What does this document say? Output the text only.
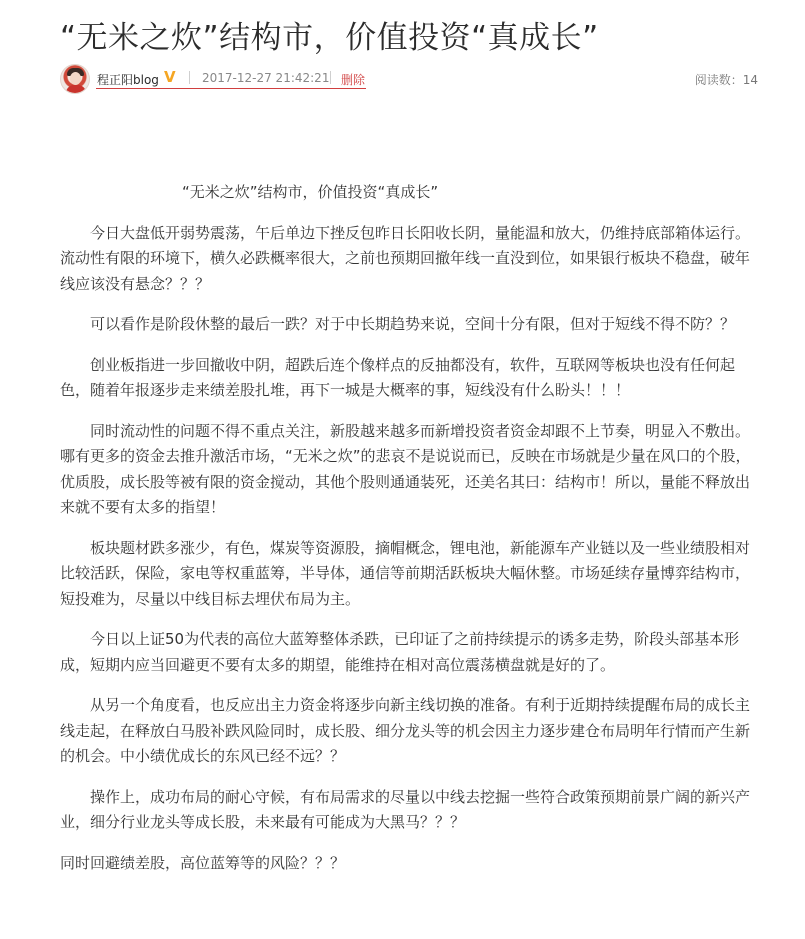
“无米之炊”结构市，价值投资“真成长”
程正阳blog V 2017-12-27 21:42:21 删除	阅读数：14
“无米之炊”结构市，价值投资“真成长”

今日大盘低开弱势震荡，午后单边下挫反包昨日长阳收长阴，量能温和放大，仍维持底部箱体运行。流动性有限的环境下，横久必跌概率很大，之前也预期回撤年线一直没到位，如果银行板块不稳盘，破年线应该没有悬念？？？

可以看作是阶段休整的最后一跌？对于中长期趋势来说，空间十分有限，但对于短线不得不防？？

创业板指进一步回撤收中阴，超跌后连个像样点的反抽都没有，软件，互联网等板块也没有任何起色，随着年报逐步走来绩差股扎堆，再下一城是大概率的事，短线没有什么盼头！！！

同时流动性的问题不得不重点关注，新股越来越多而新增投资者资金却跟不上节奏，明显入不敷出。哪有更多的资金去推升激活市场，“无米之炊”的悲哀不是说说而已，反映在市场就是少量在风口的个股，优质股，成长股等被有限的资金搅动，其他个股则通通装死，还美名其曰：结构市！所以，量能不释放出来就不要有太多的指望！

板块题材跌多涨少，有色，煤炭等资源股，摘帽概念，锂电池，新能源车产业链以及一些业绩股相对比较活跃，保险，家电等权重蓝筹，半导体，通信等前期活跃板块大幅休整。市场延续存量博弈结构市，短投难为，尽量以中线目标去埋伏布局为主。

今日以上证50为代表的高位大蓝筹整体杀跌，已印证了之前持续提示的诱多走势，阶段头部基本形成，短期内应当回避更不要有太多的期望，能维持在相对高位震荡横盘就是好的了。

从另一个角度看，也反应出主力资金将逐步向新主线切换的准备。有利于近期持续提醒布局的成长主线走起，在释放白马股补跌风险同时，成长股、细分龙头等的机会因主力逐步建仓布局明年行情而产生新的机会。中小绩优成长的东风已经不远？？

操作上，成功布局的耐心守候，有布局需求的尽量以中线去挖掘一些符合政策预期前景广阔的新兴产业，细分行业龙头等成长股，未来最有可能成为大黑马？？？

同时回避绩差股，高位蓝筹等的风险？？？
